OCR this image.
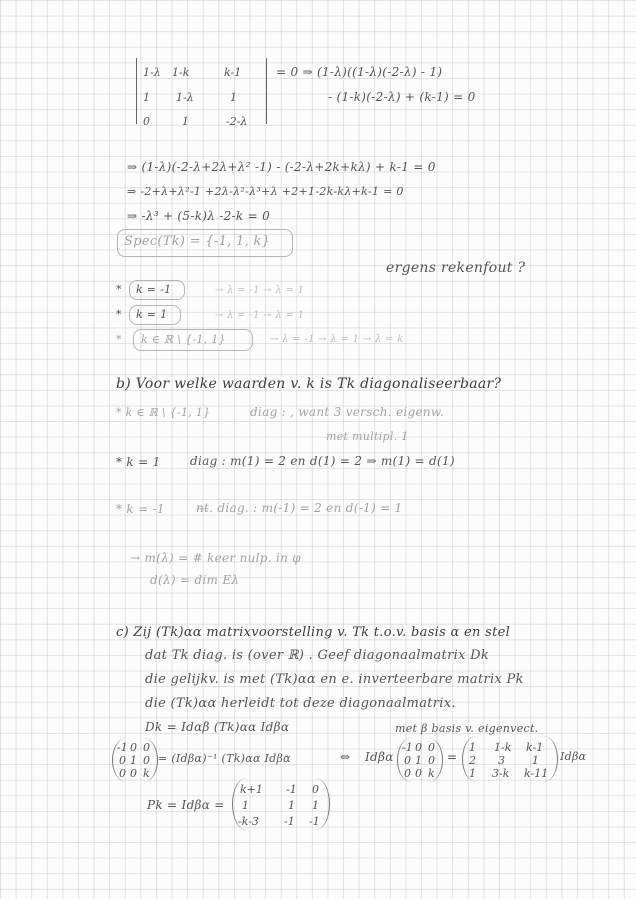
1-λ 1-k	k-1
1 1-λ	1
0	1	-2-λ
= 0 ⇒ (1-λ)((1-λ)(-2-λ) - 1)
- (1-k)(-2-λ) + (k-1) = 0
⇒ (1-λ)(-2-λ+2λ+λ² -1) - (-2-λ+2k+kλ) + k-1 = 0
⇒ -2+λ+λ²-1 +2λ-λ²-λ³+λ +2+1-2k-kλ+k-1 = 0
⇒ -λ³ + (5-k)λ -2-k = 0
Spec(Tk) = {-1, 1, k}
ergens rekenfout ?
* k = -1	→ λ = -1 → λ = 1
* k = 1	→ λ = -1 → λ = 1
* k ∈ ℝ \ {-1, 1}	→ λ = -1 → λ = 1 → λ = k
b) Voor welke waarden v. k is Tk diagonaliseerbaar?
* k ∈ ℝ \ {-1, 1}	diag : , want 3 versch. eigenw.
met multipl. 1
* k = 1 diag : m(1) = 2 en d(1) = 2 ⇒ m(1) = d(1)
* k = -1	n̶t̶. diag. : m(-1) = 2 en d(-1) = 1
→ m(λ) = # keer nulp. in φ
d(λ) = dim Eλ
c) Zij (Tk)αα matrixvoorstelling v. Tk t.o.v. basis α en stel
dat Tk diag. is (over ℝ) . Geef diagonaalmatrix Dk
die gelijkv. is met (Tk)αα en e. inverteerbare matrix Pk
die (Tk)αα herleidt tot deze diagonaalmatrix.
Dk = Idαβ (Tk)αα Idβα	met β basis v. eigenvect.
-1 0 0
0 1 0
0 0 k
= (Idβα)⁻¹ (Tk)αα Idβα	⇔ Idβα
-1 0 0
0 1 0
0 0 k
=
1 1-k k-1
2 3 1
1 3-k k-11
Idβα
Pk = Idβα =
k+1 -1 0
1	1 1
-k-3 -1 -1
